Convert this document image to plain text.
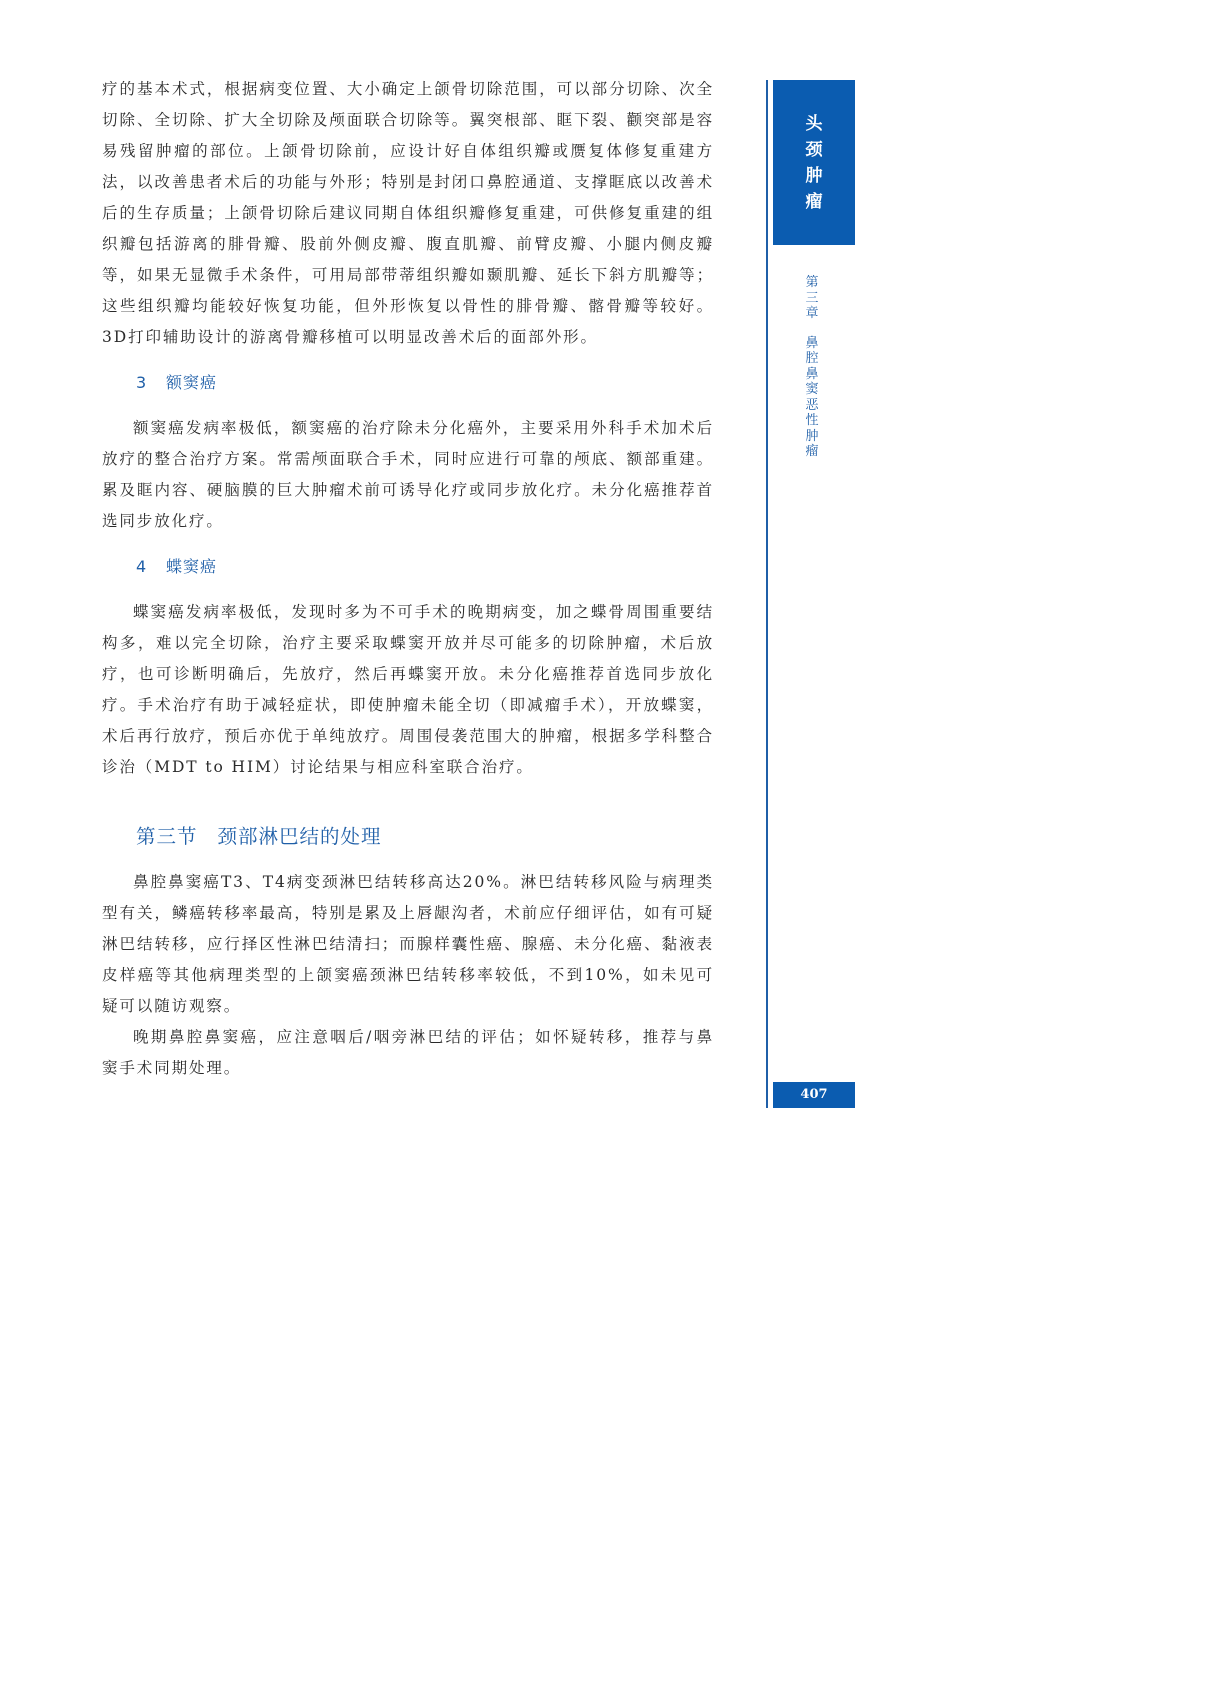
疗的基本术式，根据病变位置、大小确定上颌骨切除范围，可以部分切除、次全切除、全切除、扩大全切除及颅面联合切除等。翼突根部、眶下裂、颧突部是容易残留肿瘤的部位。上颌骨切除前，应设计好自体组织瓣或赝复体修复重建方法，以改善患者术后的功能与外形；特别是封闭口鼻腔通道、支撑眶底以改善术后的生存质量；上颌骨切除后建议同期自体组织瓣修复重建，可供修复重建的组织瓣包括游离的腓骨瓣、股前外侧皮瓣、腹直肌瓣、前臂皮瓣、小腿内侧皮瓣等，如果无显微手术条件，可用局部带蒂组织瓣如颞肌瓣、延长下斜方肌瓣等；这些组织瓣均能较好恢复功能，但外形恢复以骨性的腓骨瓣、髂骨瓣等较好。3D打印辅助设计的游离骨瓣移植可以明显改善术后的面部外形。

3 额窦癌

额窦癌发病率极低，额窦癌的治疗除未分化癌外，主要采用外科手术加术后放疗的整合治疗方案。常需颅面联合手术，同时应进行可靠的颅底、额部重建。累及眶内容、硬脑膜的巨大肿瘤术前可诱导化疗或同步放化疗。未分化癌推荐首选同步放化疗。

4 蝶窦癌

蝶窦癌发病率极低，发现时多为不可手术的晚期病变，加之蝶骨周围重要结构多，难以完全切除，治疗主要采取蝶窦开放并尽可能多的切除肿瘤，术后放疗，也可诊断明确后，先放疗，然后再蝶窦开放。未分化癌推荐首选同步放化疗。手术治疗有助于减轻症状，即使肿瘤未能全切（即减瘤手术），开放蝶窦，术后再行放疗，预后亦优于单纯放疗。周围侵袭范围大的肿瘤，根据多学科整合诊治（MDT to HIM）讨论结果与相应科室联合治疗。

第三节 颈部淋巴结的处理

鼻腔鼻窦癌T3、T4病变颈淋巴结转移高达20%。淋巴结转移风险与病理类型有关，鳞癌转移率最高，特别是累及上唇龈沟者，术前应仔细评估，如有可疑淋巴结转移，应行择区性淋巴结清扫；而腺样囊性癌、腺癌、未分化癌、黏液表皮样癌等其他病理类型的上颌窦癌颈淋巴结转移率较低，不到10%，如未见可疑可以随访观察。

晚期鼻腔鼻窦癌，应注意咽后/咽旁淋巴结的评估；如怀疑转移，推荐与鼻窦手术同期处理。

头
颈
肿
瘤
第
三
章
鼻
腔
鼻
窦
恶
性
肿
瘤
407
